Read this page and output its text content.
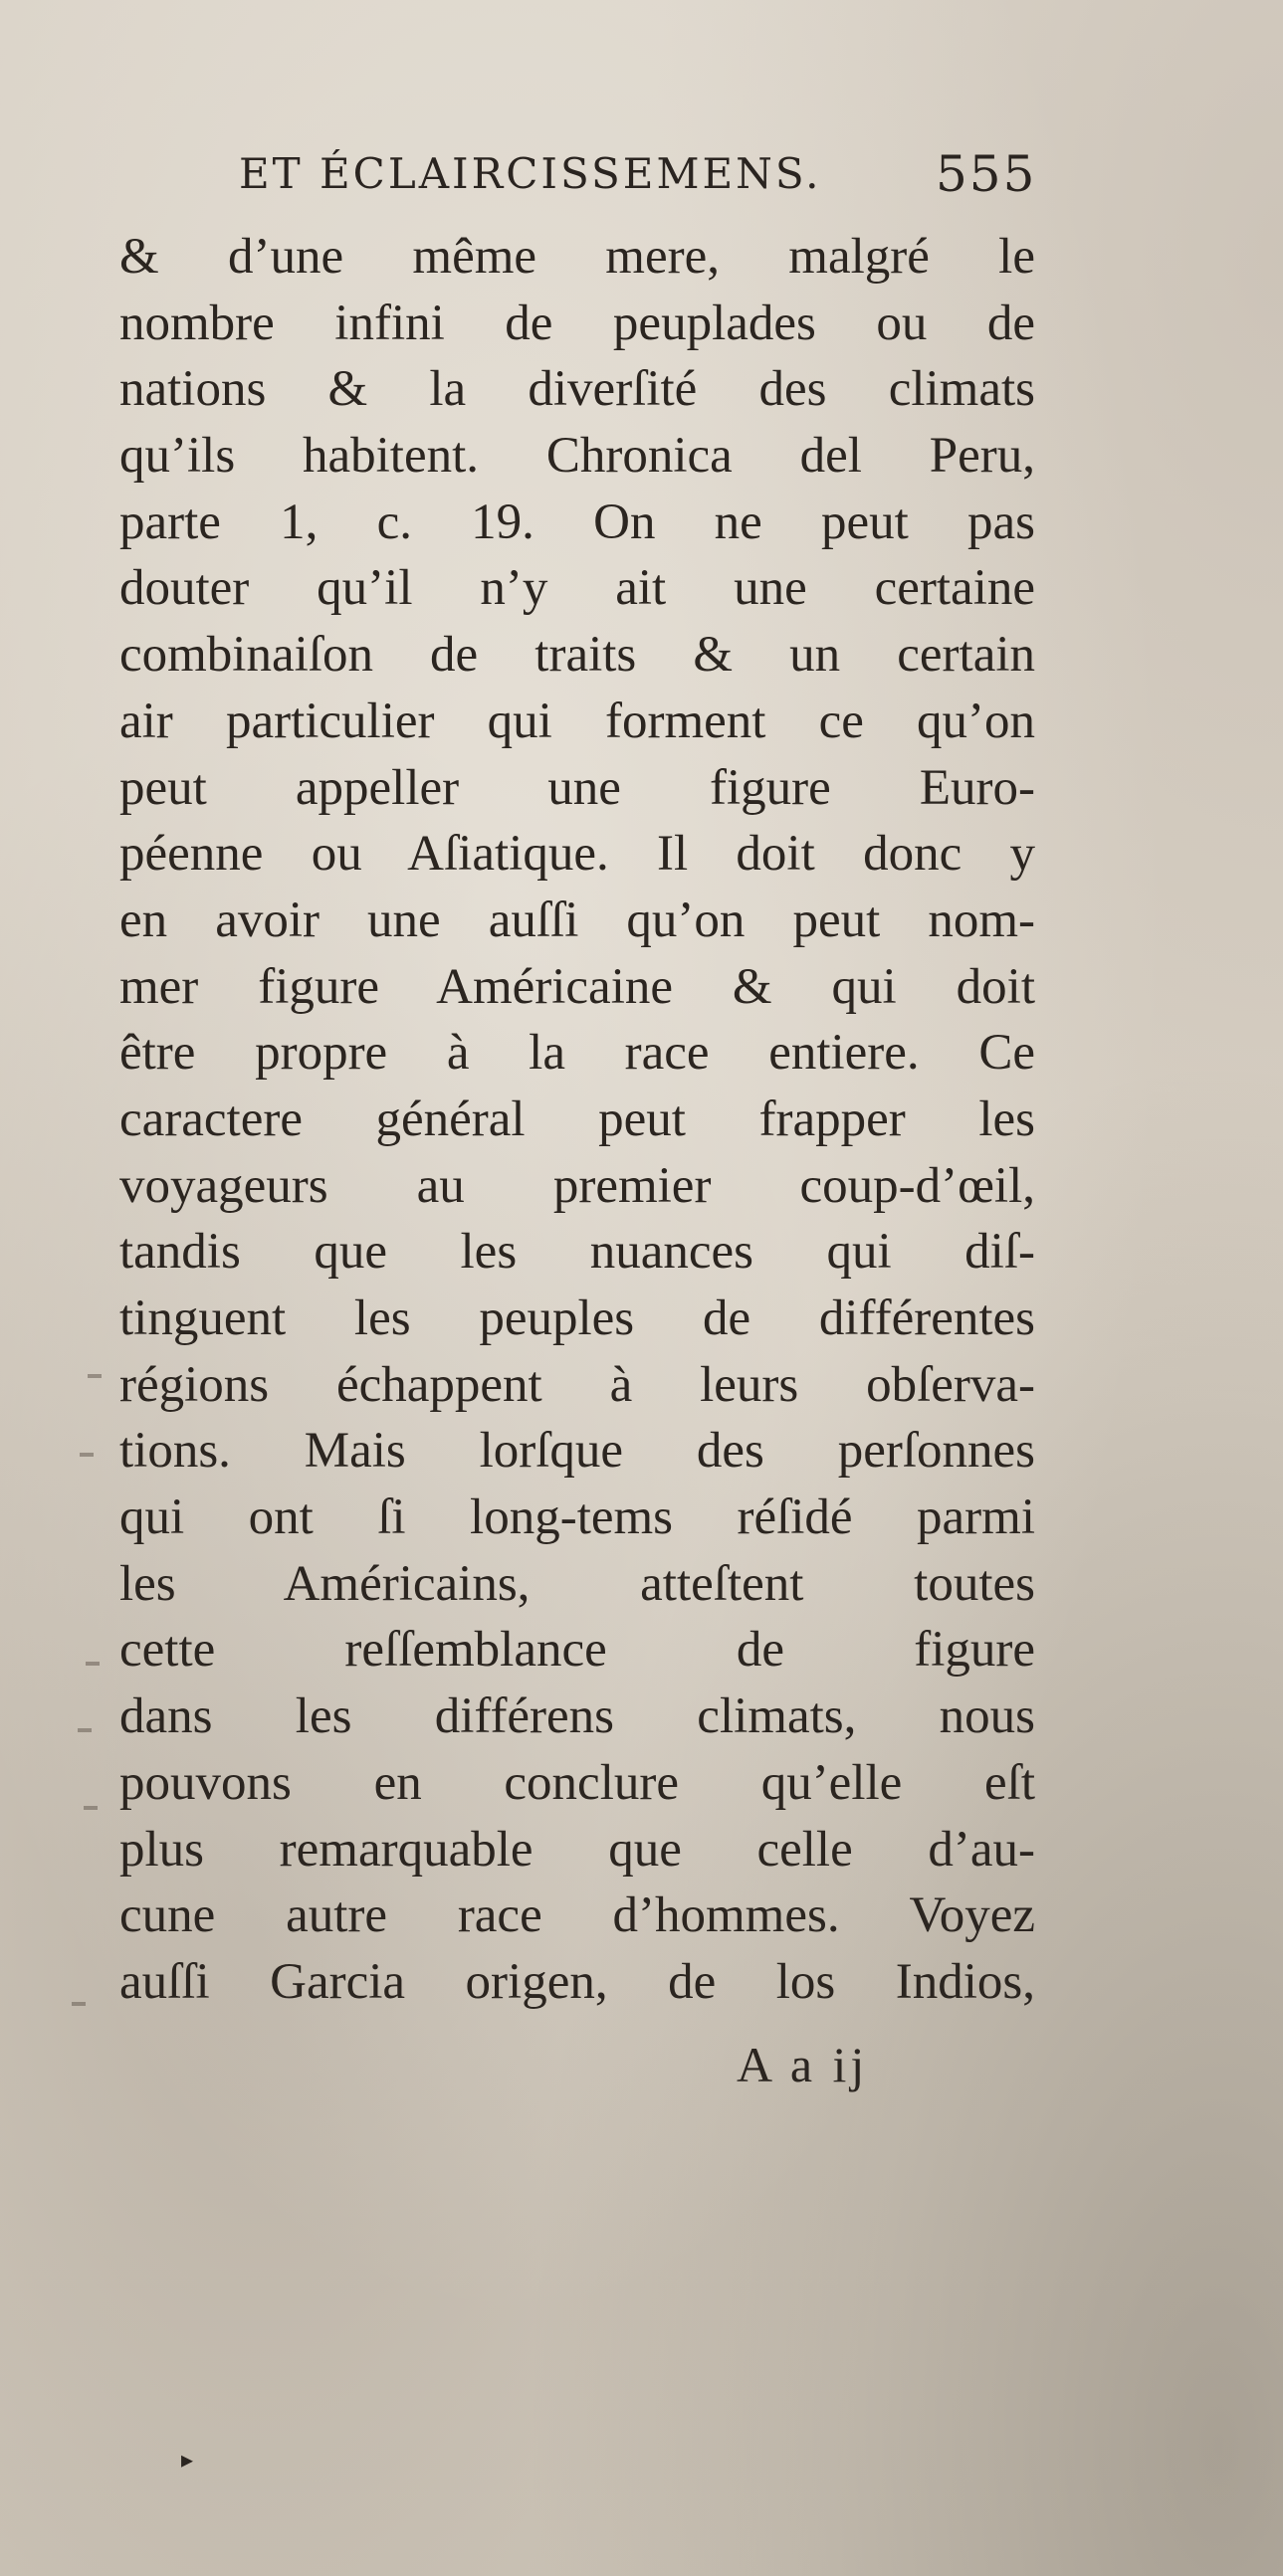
ET ÉCLAIRCISSEMENS. 555
& d’une même mere, malgré le
nombre infini de peuplades ou de
nations & la diverſité des climats
qu’ils habitent. Chronica del Peru,
parte 1, c. 19. On ne peut pas
douter qu’il n’y ait une certaine
combinaiſon de traits & un certain
air particulier qui forment ce qu’on
peut appeller une figure Euro-
péenne ou Aſiatique. Il doit donc y
en avoir une auſſi qu’on peut nom-
mer figure Américaine & qui doit
être propre à la race entiere. Ce
caractere général peut frapper les
voyageurs au premier coup-d’œil,
tandis que les nuances qui diſ-
tinguent les peuples de différentes
régions échappent à leurs obſerva-
tions. Mais lorſque des perſonnes
qui ont ſi long-tems réſidé parmi
les Américains, atteſtent toutes
cette reſſemblance de figure
dans les différens climats, nous
pouvons en conclure qu’elle eſt
plus remarquable que celle d’au-
cune autre race d’hommes. Voyez
auſſi Garcia origen, de los Indios,
A a ij
▸
